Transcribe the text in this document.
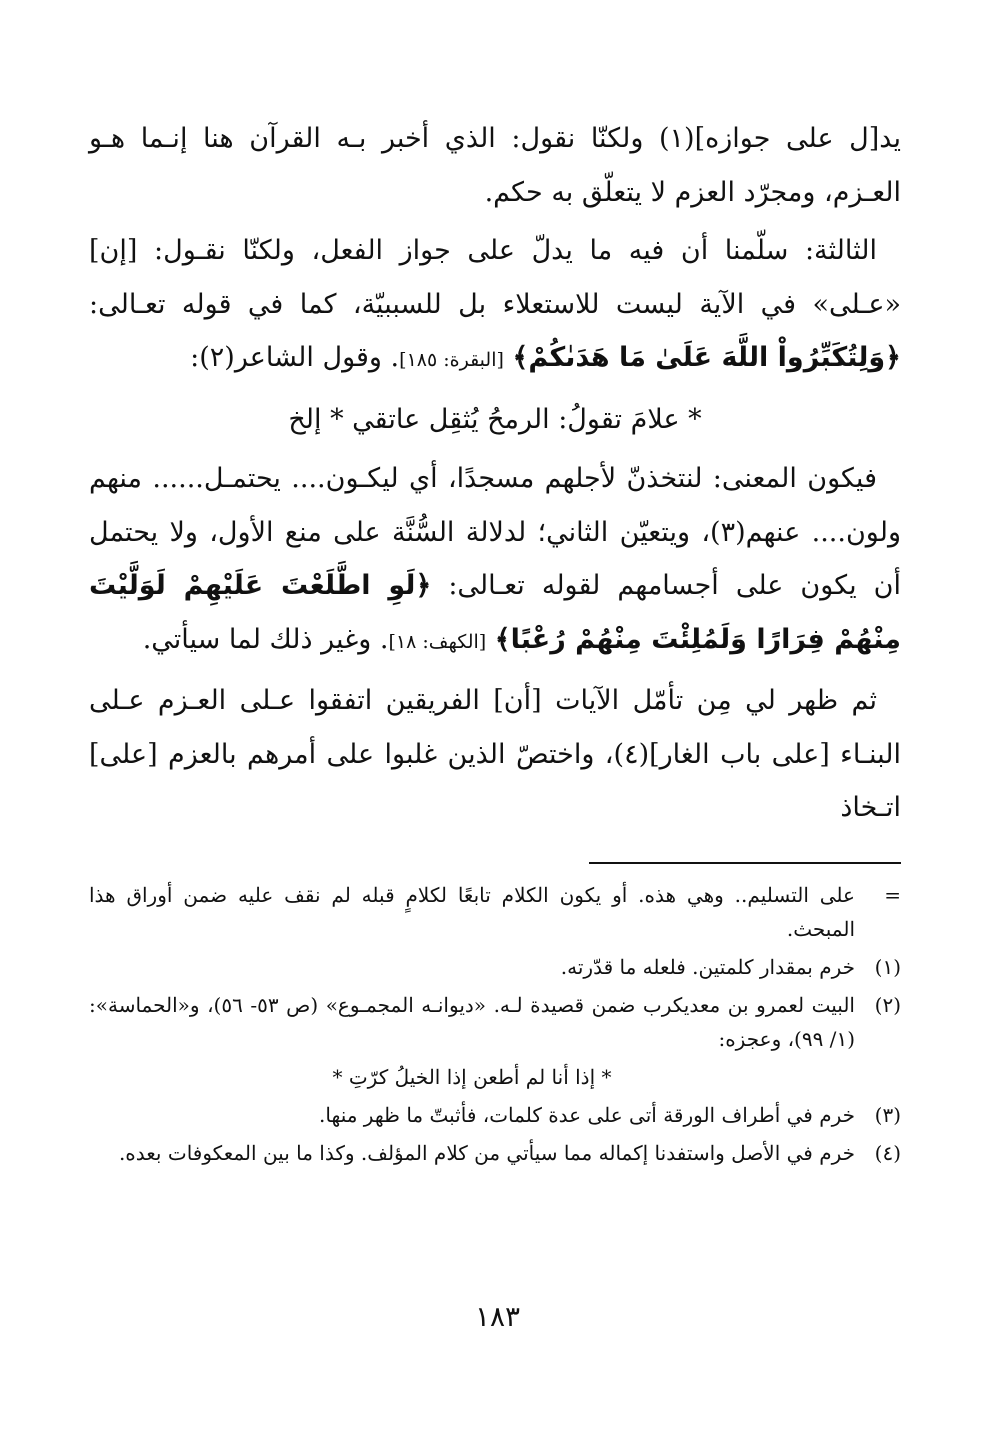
يد[ل على جوازه](١) ولكنّا نقول: الذي أخبر بـه القرآن هنا إنـما هـو العـزم، ومجرّد العزم لا يتعلّق به حكم.

الثالثة: سلّمنا أن فيه ما يدلّ على جواز الفعل، ولكنّا نقـول: [إن] «عـلى» في الآية ليست للاستعلاء بل للسببيّة، كما في قوله تعـالى: ﴿وَلِتُكَبِّرُواْ اللَّهَ عَلَىٰ مَا هَدَىٰكُمْ﴾ [البقرة: ١٨٥]. وقول الشاعر(٢):

* علامَ تقولُ: الرمحُ يُثقِل عاتقي * إلخ

فيكون المعنى: لنتخذنّ لأجلهم مسجدًا، أي ليكـون.... يحتمـل...... منهم ولون.... عنهم(٣)، ويتعيّن الثاني؛ لدلالة السُّنَّة على منع الأول، ولا يحتمل أن يكون على أجسامهم لقوله تعـالى: ﴿لَوِ اطَّلَعْتَ عَلَيْهِمْ لَوَلَّيْتَ مِنْهُمْ فِرَارًا وَلَمُلِئْتَ مِنْهُمْ رُعْبًا﴾ [الكهف: ١٨]. وغير ذلك لما سيأتي.

ثم ظهر لي مِن تأمّل الآيات [أن] الفريقين اتفقوا عـلى العـزم عـلى البنـاء [على باب الغار](٤)، واختصّ الذين غلبوا على أمرهم بالعزم [على] اتـخاذ

=
على التسليم.. وهي هذه. أو يكون الكلام تابعًا لكلامٍ قبله لم نقف عليه ضمن أوراق هذا المبحث.
(١)
خرم بمقدار كلمتين. فلعله ما قدّرته.
(٢)
البيت لعمرو بن معديكرب ضمن قصيدة لـه. «ديوانـه المجمـوع» (ص ٥٣- ٥٦)، و«الحماسة»: (١/ ٩٩)، وعجزه:
* إذا أنا لم أطعن إذا الخيلُ كرّتِ *
(٣)
خرم في أطراف الورقة أتى على عدة كلمات، فأثبتّ ما ظهر منها.
(٤)
خرم في الأصل واستفدنا إكماله مما سيأتي من كلام المؤلف. وكذا ما بين المعكوفات بعده.
١٨٣
